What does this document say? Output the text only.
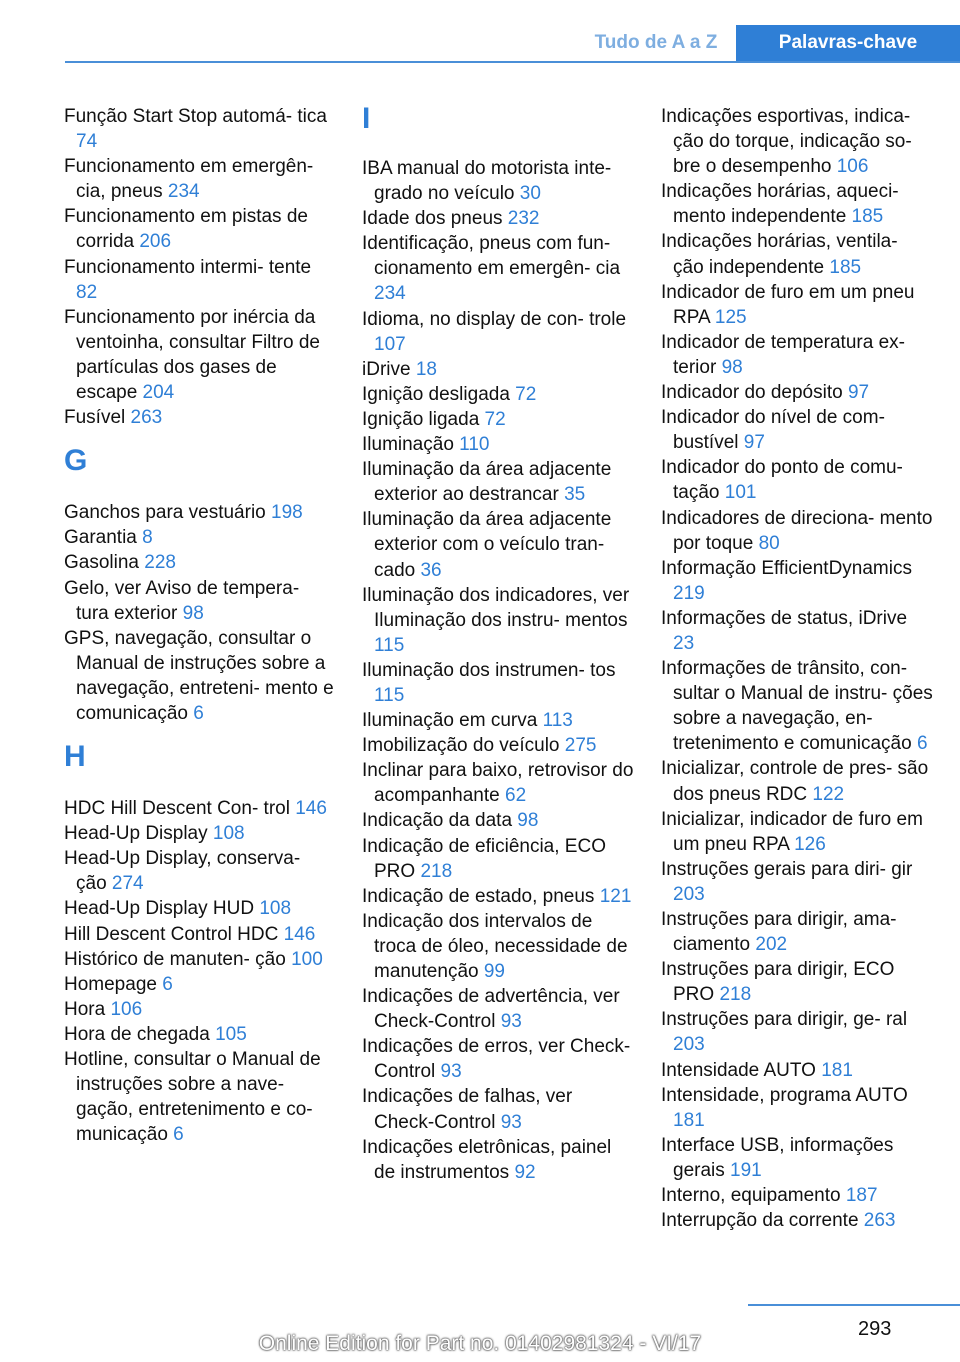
Tudo de A a Z	Palavras-chave
Função Start Stop automá- tica 74
Funcionamento em emergên- cia, pneus 234
Funcionamento em pistas de corrida 206
Funcionamento intermi- tente 82
Funcionamento por inércia da ventoinha, consultar Filtro de partículas dos gases de escape 204
Fusível 263
G
Ganchos para vestuário 198
Garantia 8
Gasolina 228
Gelo, ver Aviso de tempera- tura exterior 98
GPS, navegação, consultar o Manual de instruções sobre a navegação, entreteni- mento e comunicação 6
H
HDC Hill Descent Con- trol 146
Head-Up Display 108
Head-Up Display, conserva- ção 274
Head-Up Display HUD 108
Hill Descent Control HDC 146
Histórico de manuten- ção 100
Homepage 6
Hora 106
Hora de chegada 105
Hotline, consultar o Manual de instruções sobre a nave- gação, entretenimento e co- municação 6
I
IBA manual do motorista inte- grado no veículo 30
Idade dos pneus 232
Identificação, pneus com fun- cionamento em emergên- cia 234
Idioma, no display de con- trole 107
iDrive 18
Ignição desligada 72
Ignição ligada 72
Iluminação 110
Iluminação da área adjacente exterior ao destrancar 35
Iluminação da área adjacente exterior com o veículo tran- cado 36
Iluminação dos indicadores, ver Iluminação dos instru- mentos 115
Iluminação dos instrumen- tos 115
Iluminação em curva 113
Imobilização do veículo 275
Inclinar para baixo, retrovisor do acompanhante 62
Indicação da data 98
Indicação de eficiência, ECO PRO 218
Indicação de estado, pneus 121
Indicação dos intervalos de troca de óleo, necessidade de manutenção 99
Indicações de advertência, ver Check-Control 93
Indicações de erros, ver Check-Control 93
Indicações de falhas, ver Check-Control 93
Indicações eletrônicas, painel de instrumentos 92
Indicações esportivas, indica- ção do torque, indicação so- bre o desempenho 106
Indicações horárias, aqueci- mento independente 185
Indicações horárias, ventila- ção independente 185
Indicador de furo em um pneu RPA 125
Indicador de temperatura ex- terior 98
Indicador do depósito 97
Indicador do nível de com- bustível 97
Indicador do ponto de comu- tação 101
Indicadores de direciona- mento por toque 80
Informação EfficientDynamics 219
Informações de status, iDrive 23
Informações de trânsito, con- sultar o Manual de instru- ções sobre a navegação, en- tretenimento e comunicação 6
Inicializar, controle de pres- são dos pneus RDC 122
Inicializar, indicador de furo em um pneu RPA 126
Instruções gerais para diri- gir 203
Instruções para dirigir, ama- ciamento 202
Instruções para dirigir, ECO PRO 218
Instruções para dirigir, ge- ral 203
Intensidade AUTO 181
Intensidade, programa AUTO 181
Interface USB, informações gerais 191
Interno, equipamento 187
Interrupção da corrente 263
293
Online Edition for Part no. 01402981324 - VI/17
